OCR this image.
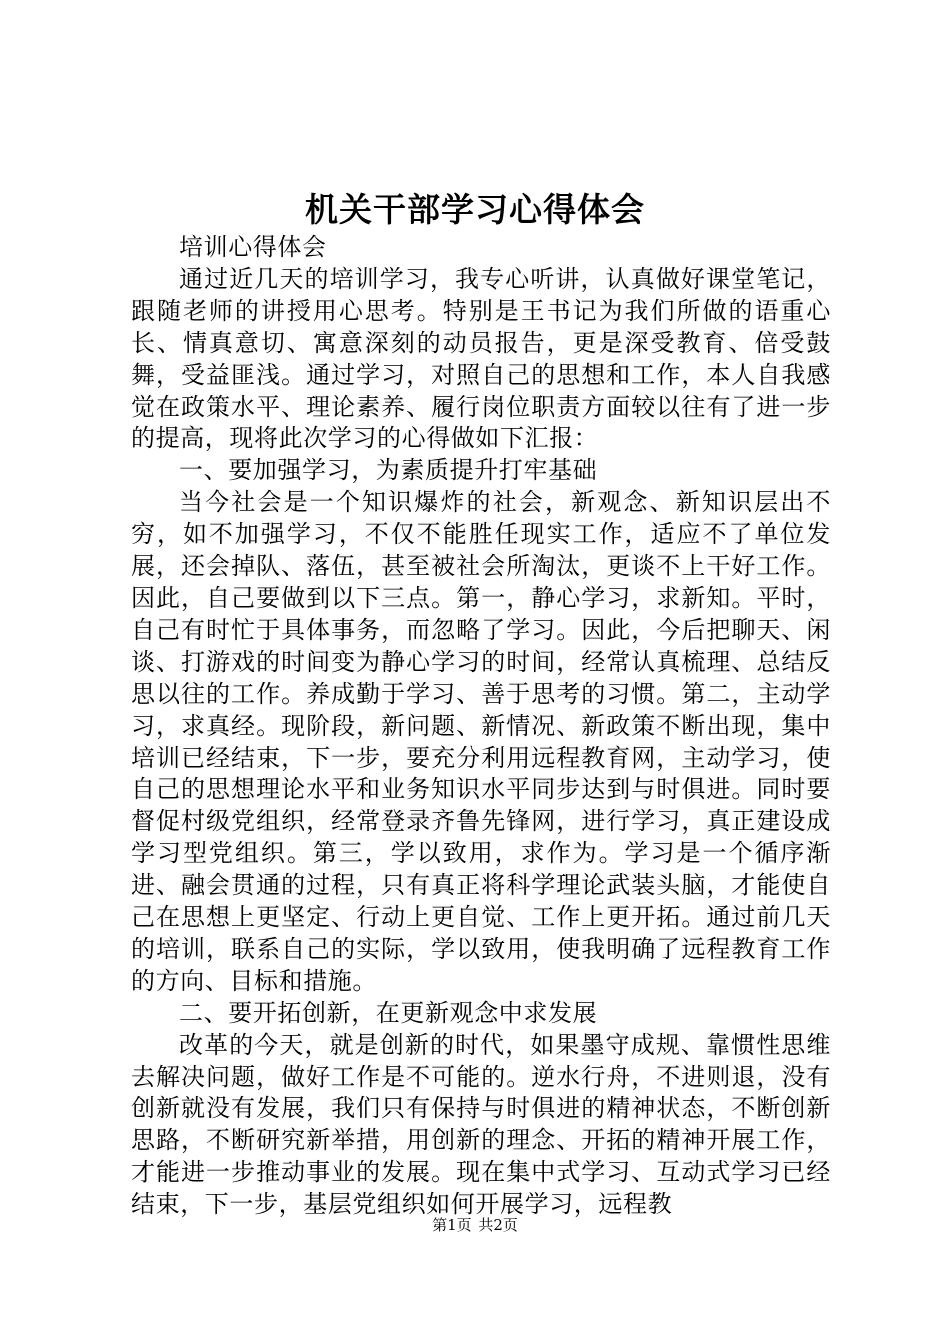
机关干部学习心得体会

培训心得体会

通过近几天的培训学习，我专心听讲，认真做好课堂笔记，跟随老师的讲授用心思考。特别是王书记为我们所做的语重心长、情真意切、寓意深刻的动员报告，更是深受教育、倍受鼓舞，受益匪浅。通过学习，对照自己的思想和工作，本人自我感觉在政策水平、理论素养、履行岗位职责方面较以往有了进一步的提高，现将此次学习的心得做如下汇报：

一、要加强学习，为素质提升打牢基础

当今社会是一个知识爆炸的社会，新观念、新知识层出不穷，如不加强学习，不仅不能胜任现实工作，适应不了单位发展，还会掉队、落伍，甚至被社会所淘汰，更谈不上干好工作。因此，自己要做到以下三点。第一，静心学习，求新知。平时，自己有时忙于具体事务，而忽略了学习。因此，今后把聊天、闲谈、打游戏的时间变为静心学习的时间，经常认真梳理、总结反思以往的工作。养成勤于学习、善于思考的习惯。第二，主动学习，求真经。现阶段，新问题、新情况、新政策不断出现，集中培训已经结束，下一步，要充分利用远程教育网，主动学习，使自己的思想理论水平和业务知识水平同步达到与时俱进。同时要督促村级党组织，经常登录齐鲁先锋网，进行学习，真正建设成学习型党组织。第三，学以致用，求作为。学习是一个循序渐进、融会贯通的过程，只有真正将科学理论武装头脑，才能使自己在思想上更坚定、行动上更自觉、工作上更开拓。通过前几天的培训，联系自己的实际，学以致用，使我明确了远程教育工作的方向、目标和措施。

二、要开拓创新，在更新观念中求发展

改革的今天，就是创新的时代，如果墨守成规、靠惯性思维去解决问题，做好工作是不可能的。逆水行舟，不进则退，没有创新就没有发展，我们只有保持与时俱进的精神状态，不断创新思路，不断研究新举措，用创新的理念、开拓的精神开展工作，才能进一步推动事业的发展。现在集中式学习、互动式学习已经结束，下一步，基层党组织如何开展学习，远程教

第1页 共2页
